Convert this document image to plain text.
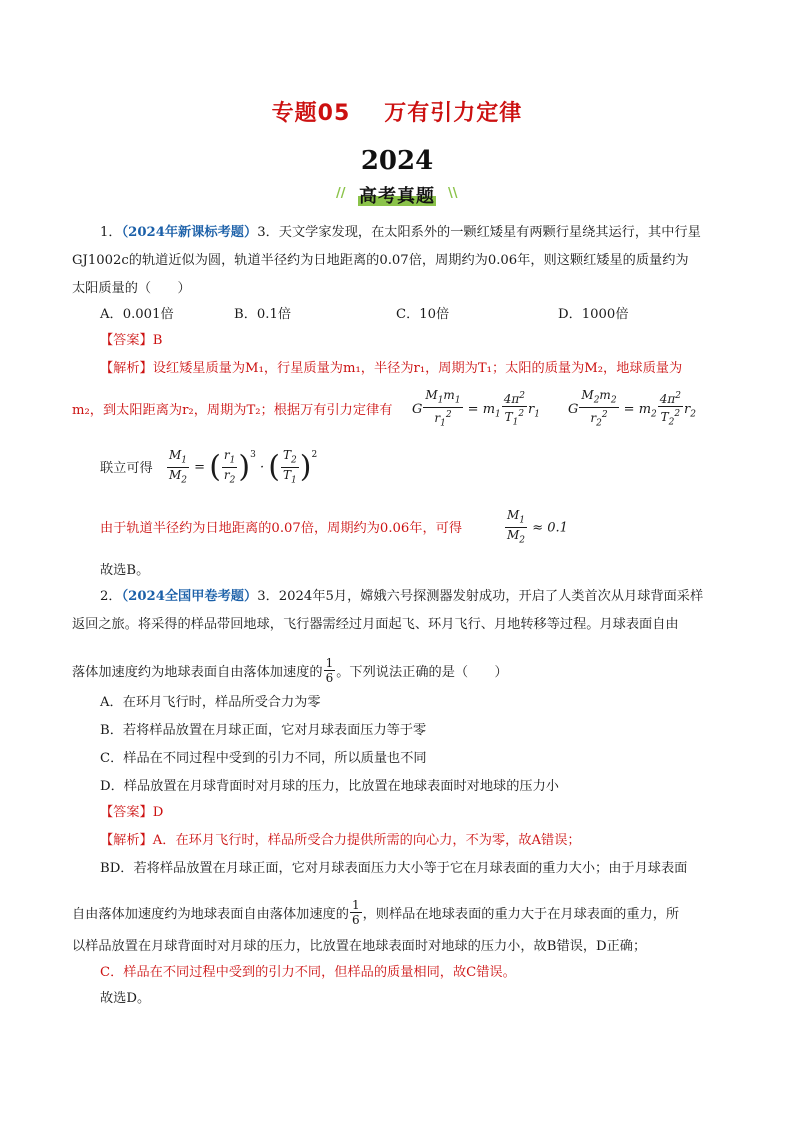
专题05 万有引力定律
2024
// 高考真题	\\
1．（2024年新课标考题）3．天文学家发现，在太阳系外的一颗红矮星有两颗行星绕其运行，其中行星
GJ1002c的轨道近似为圆，轨道半径约为日地距离的0.07倍，周期约为0.06年，则这颗红矮星的质量约为
太阳质量的（　　）
A．0.001倍	B．0.1倍	C．10倍	D．1000倍
【答案】B
【解析】设红矮星质量为M₁，行星质量为m₁，半径为r₁，周期为T₁；太阳的质量为M₂，地球质量为
m₂，到太阳距离为r₂，周期为T₂；根据万有引力定律有 G $\frac{M_1m_1}{r_1^2} = m_1 \frac{4\pi^2}{T_1^2} r_1$ G $\frac{M_2m_2}{r_2^2} = m_2 \frac{4\pi^2}{T_2^2} r_2$
联立可得 $\frac{M_1}{M_2}$ = ( $\frac{r_1}{r_2} )^3$ · ( $\frac{T_2}{T_1} )^2$
由于轨道半径约为日地距离的0.07倍，周期约为0.06年，可得	$\frac{M_1}{M_2} \approx 0.1$
故选B。
2．（2024全国甲卷考题）3．2024年5月，嫦娥六号探测器发射成功，开启了人类首次从月球背面采样
返回之旅。将采得的样品带回地球，飞行器需经过月面起飞、环月飞行、月地转移等过程。月球表面自由
落体加速度约为地球表面自由落体加速度的 $\frac{1}{6}$ 。下列说法正确的是（　　）
A．在环月飞行时，样品所受合力为零
B．若将样品放置在月球正面，它对月球表面压力等于零
C．样品在不同过程中受到的引力不同，所以质量也不同
D．样品放置在月球背面时对月球的压力，比放置在地球表面时对地球的压力小
【答案】D
【解析】A．在环月飞行时，样品所受合力提供所需的向心力，不为零，故A错误；
BD．若将样品放置在月球正面，它对月球表面压力大小等于它在月球表面的重力大小；由于月球表面
自由落体加速度约为地球表面自由落体加速度的 $\frac{1}{6}$ ，则样品在地球表面的重力大于在月球表面的重力，所
以样品放置在月球背面时对月球的压力，比放置在地球表面时对地球的压力小，故B错误，D正确；
C．样品在不同过程中受到的引力不同，但样品的质量相同，故C错误。
故选D。
